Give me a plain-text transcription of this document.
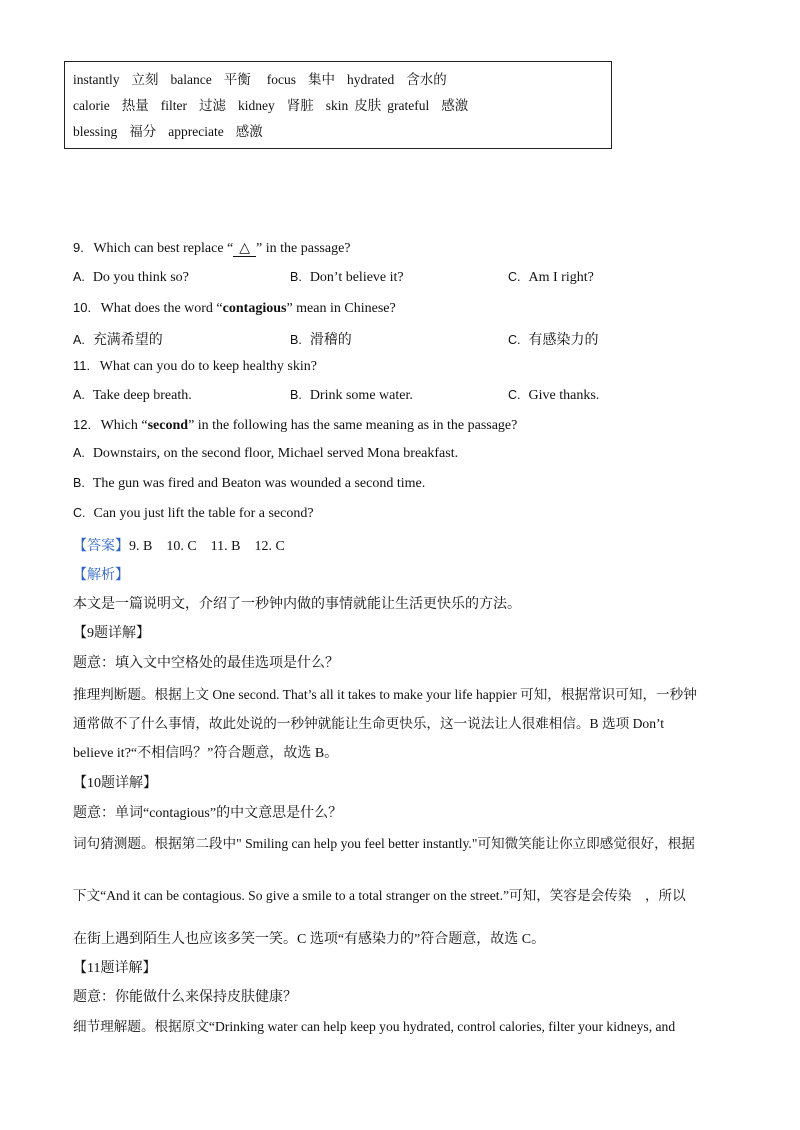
instantly 立刻 balance 平衡 focus 集中 hydrated 含水的
calorie 热量 filter 过滤 kidney 肾脏 skin 皮肤 grateful 感激
blessing 福分 appreciate 感激
9. Which can best replace “ △ ” in the passage?
A. Do you think so?	B. Don’t believe it?	C. Am I right?
10. What does the word “contagious” mean in Chinese?
A. 充满希望的	B. 滑稽的	C. 有感染力的
11. What can you do to keep healthy skin?
A. Take deep breath.	B. Drink some water.	C. Give thanks.
12. Which “second” in the following has the same meaning as in the passage?
A. Downstairs, on the second floor, Michael served Mona breakfast.
B. The gun was fired and Beaton was wounded a second time.
C. Can you just lift the table for a second?
【答案】9. B    10. C    11. B    12. C
【解析】
本文是一篇说明文，介绍了一秒钟内做的事情就能让生活更快乐的方法。
【9题详解】
题意：填入文中空格处的最佳选项是什么？
推理判断题。根据上文 One second. That’s all it takes to make your life happier 可知，根据常识可知，一秒钟
通常做不了什么事情，故此处说的一秒钟就能让生命更快乐，这一说法让人很难相信。B 选项 Don’t
believe it?“不相信吗？”符合题意，故选 B。
【10题详解】
题意：单词“contagious”的中文意思是什么？
词句猜测题。根据第二段中" Smiling can help you feel better instantly."可知微笑能让你立即感觉很好，根据
下文“And it can be contagious. So give a smile to a total stranger on the street.”可知，笑容是会传染    ，所以
在街上遇到陌生人也应该多笑一笑。C 选项“有感染力的”符合题意，故选 C。
【11题详解】
题意：你能做什么来保持皮肤健康？
细节理解题。根据原文“Drinking water can help keep you hydrated, control calories, filter your kidneys, and
